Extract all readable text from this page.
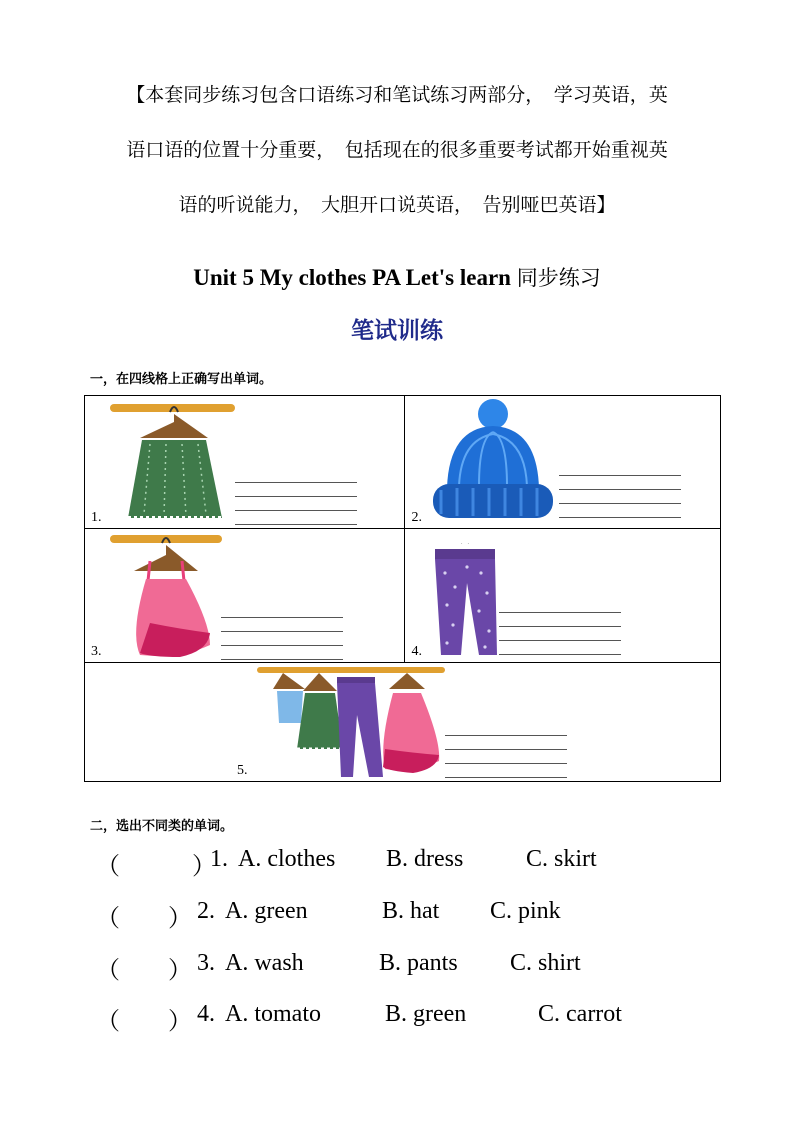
【本套同步练习包含口语练习和笔试练习两部分，　学习英语，英
语口语的位置十分重要，　包括现在的很多重要考试都开始重视英
语的听说能力，　大胆开口说英语，　告别哑巴英语】
Unit 5 My clothes PA Let's learn 同步练习
笔试训练
一，在四线格上正确写出单词。
1.	2.

3.	4.

5.	
二，选出不同类的单词。
（　　　）
1. A. clothes B. dress	C. skirt
（　　） 2. A. green	B. hat C. pink
（　　） 3. A. wash	B. pants C. shirt
（　　） 4. A. tomato	B. green	C. carrot
